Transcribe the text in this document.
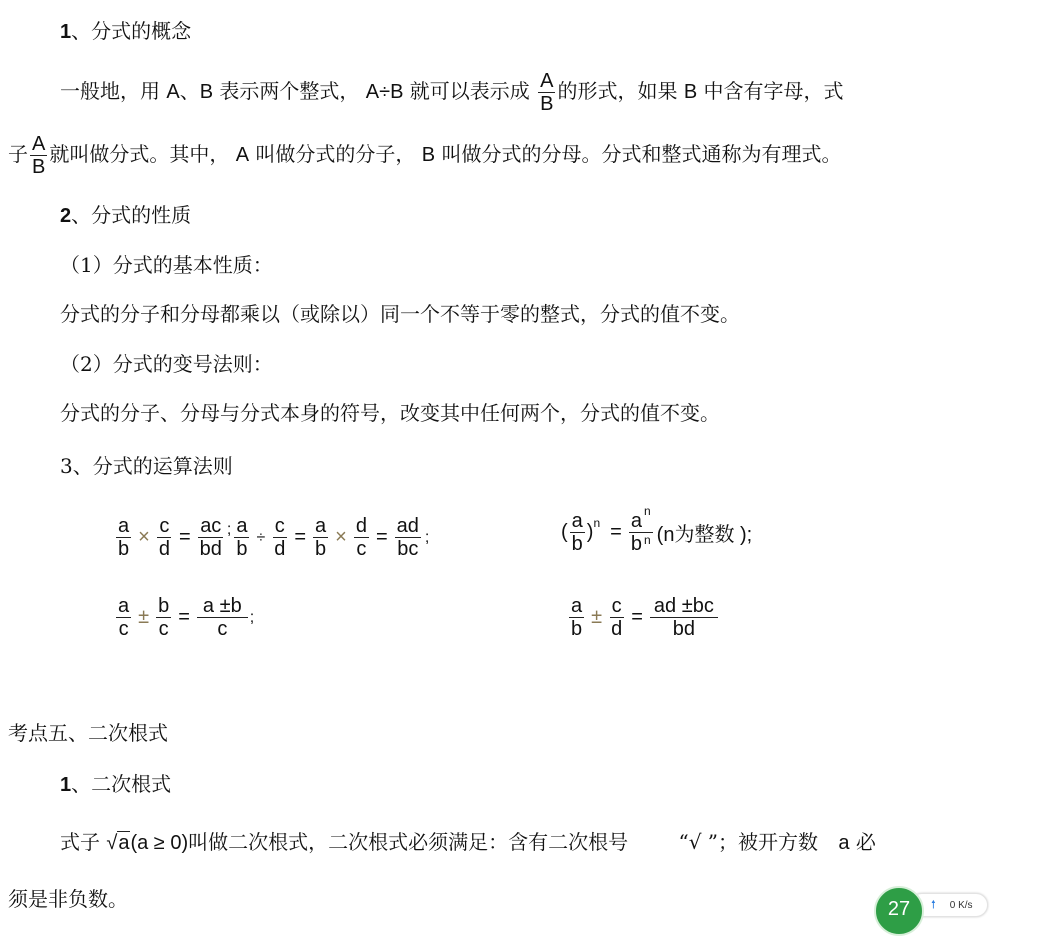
1、分式的概念
一般地，用 A、B 表示两个整式， A÷B 就可以表示成 $\frac{A}{B}$ 的形式，如果 B 中含有字母，式
子 $\frac{A}{B}$ 就叫做分式。其中， A 叫做分式的分子， B 叫做分式的分母。分式和整式通称为有理式。
2、分式的性质
（1）分式的基本性质：
分式的分子和分母都乘以（或除以）同一个不等于零的整式，分式的值不变。
（2）分式的变号法则：
分式的分子、分母与分式本身的符号，改变其中任何两个，分式的值不变。
3、分式的运算法则
$\frac{a}{b} \times \frac{c}{d} = \frac{ac}{bd}$ ; $\frac{a}{b} \div \frac{c}{d} = \frac{a}{b} \times \frac{d}{c} = \frac{ad}{bc}$ ;	( $\frac{a}{b}$ ) $n = \frac{a ^n}{b ^n} (n$为整数 );
$\frac{a}{c} \pm \frac{b}{c} = \frac{a \pm b}{c}$ ;	$\frac{a}{b} \pm \frac{c}{d} = \frac{ad \pm bc}{bd}$
考点五、二次根式
1、二次根式
式子 √a(a ≥ 0)叫做二次根式，二次根式必须满足：含有二次根号	“√ ”；被开方数 a 必
须是非负数。	🠕 0 K/s
27
